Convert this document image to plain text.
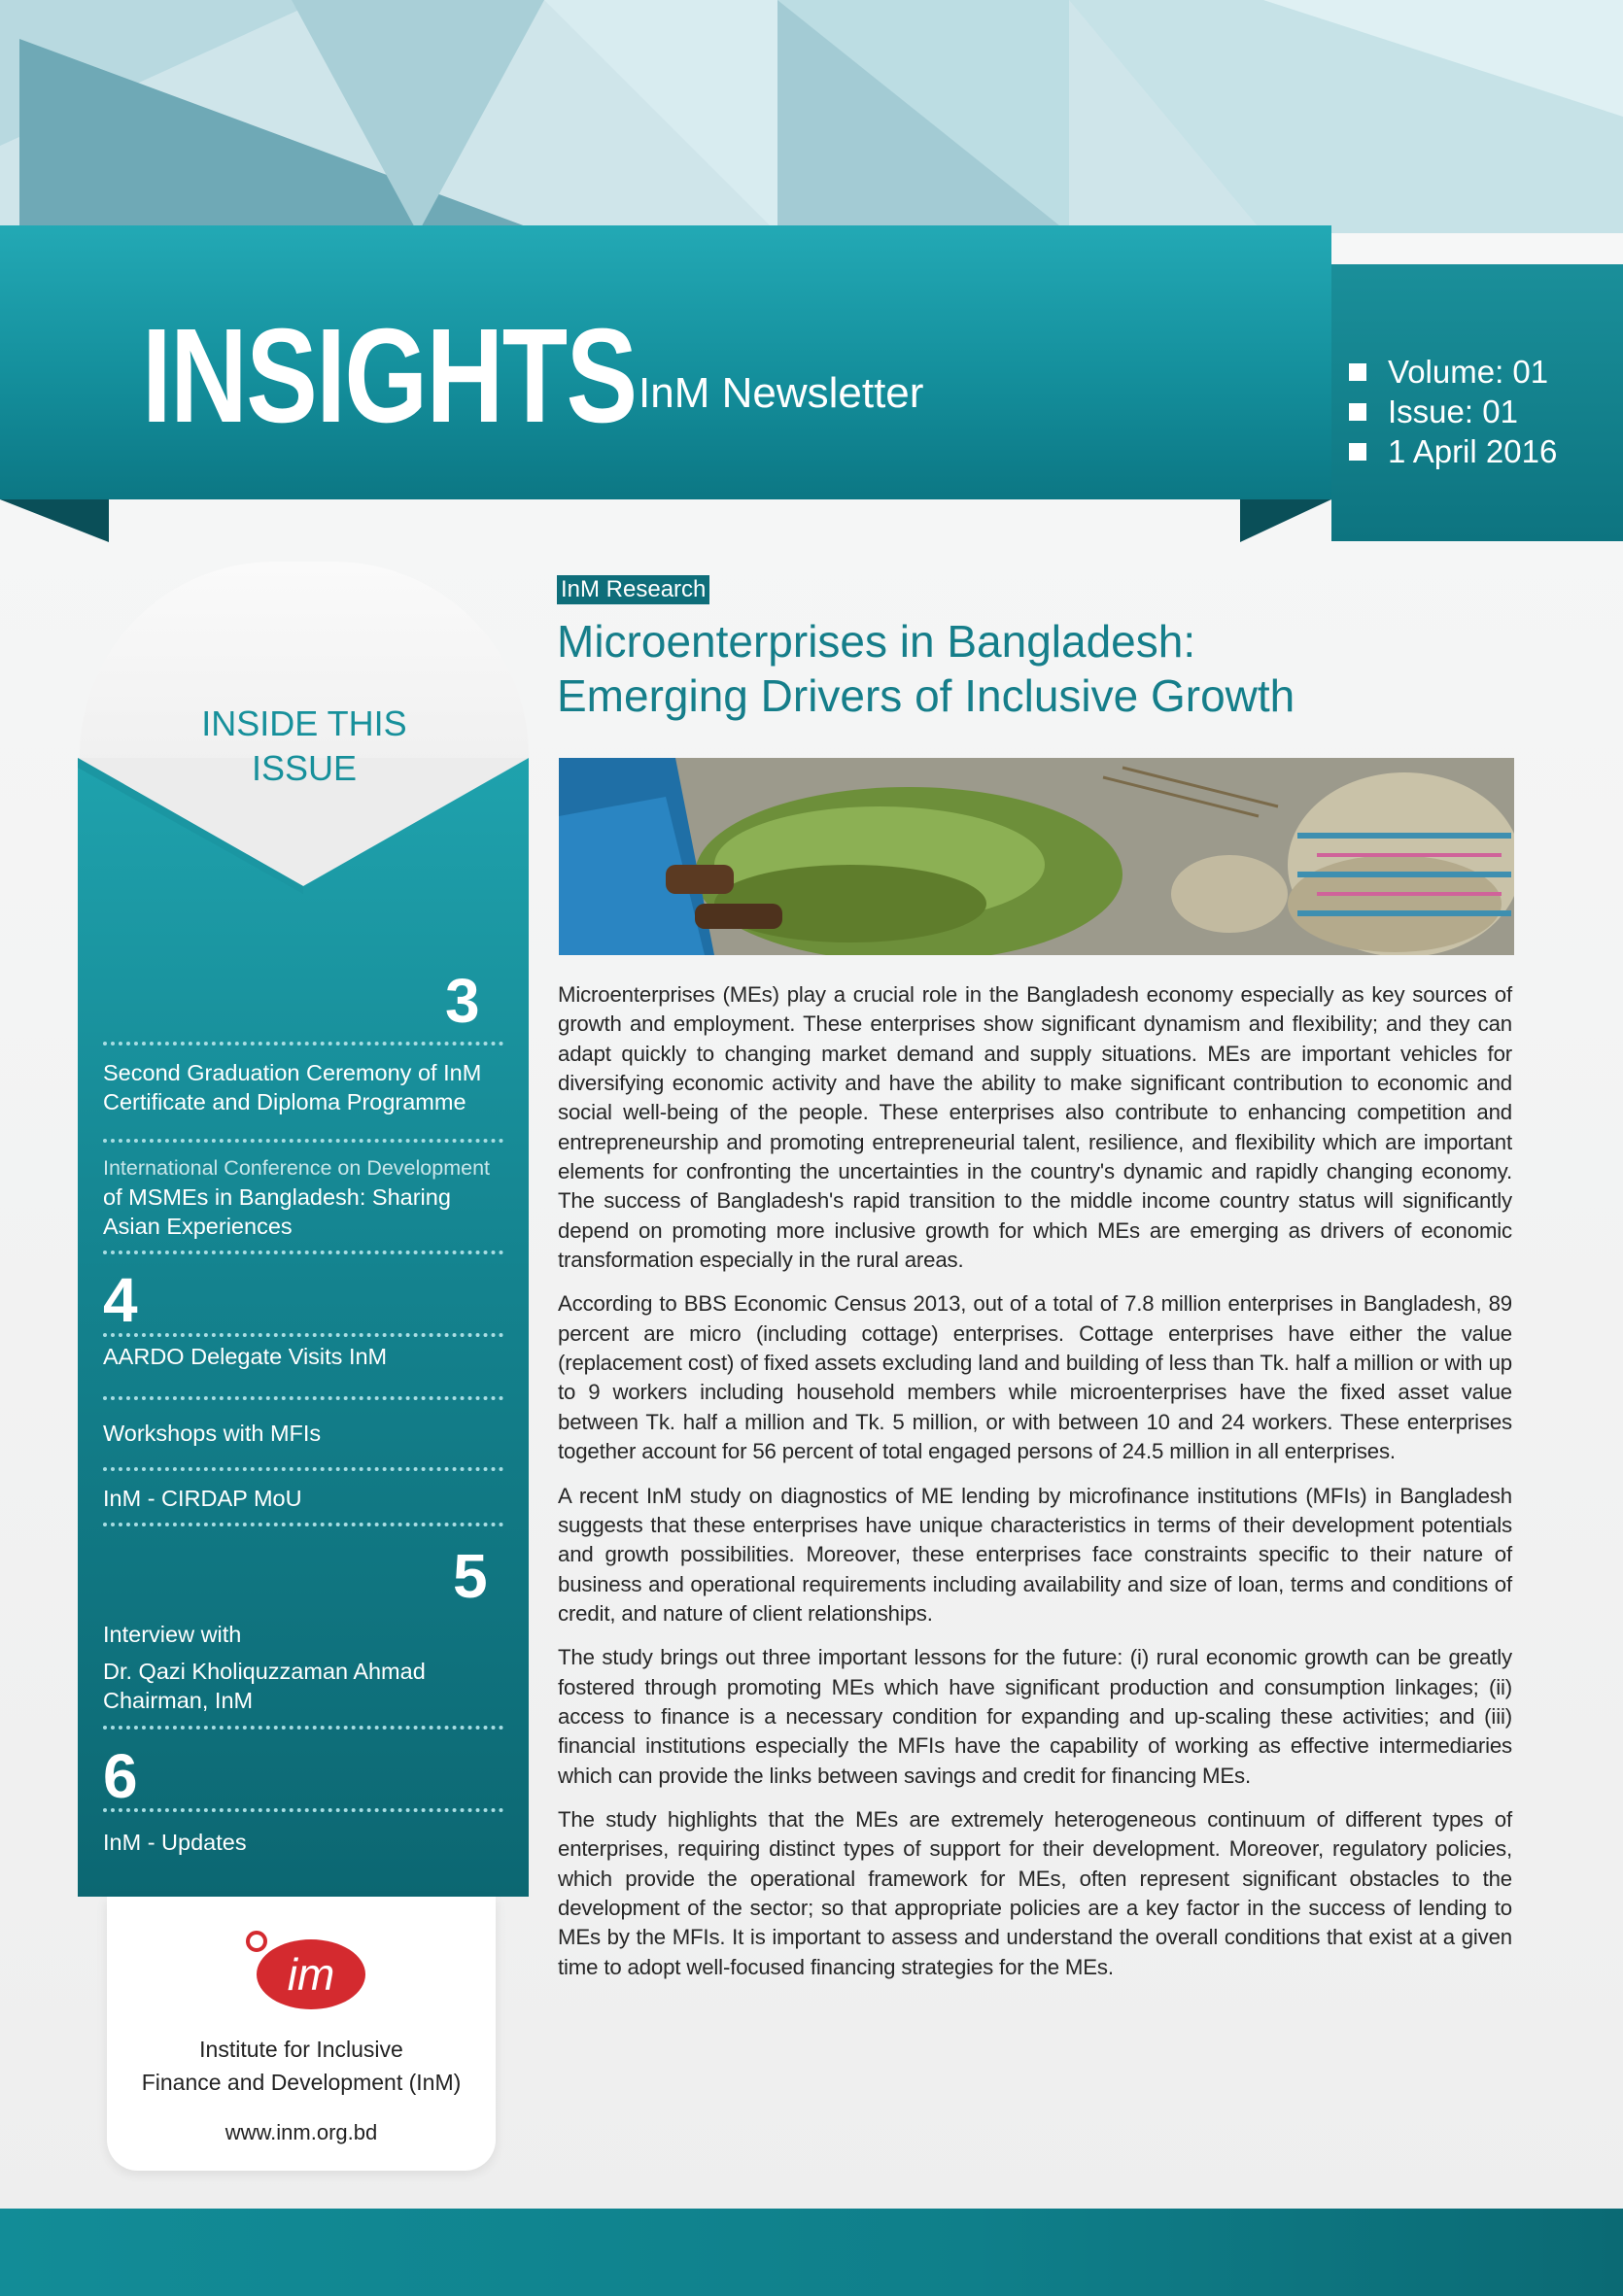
INSIGHTS InM Newsletter	Volume: 01
Issue: 01
1 April 2016
INSIDE THIS
ISSUE
3
Second Graduation Ceremony of InM Certificate and Diploma Programme
International Conference on Development
of MSMEs in Bangladesh: Sharing Asian Experiences
4
AARDO Delegate Visits InM
Workshops with MFIs
InM - CIRDAP MoU
5
Interview with
Dr. Qazi Kholiquzzaman Ahmad Chairman, InM
6
InM - Updates
im
Institute for Inclusive
Finance and Development (InM)
www.inm.org.bd
InM Research
Microenterprises in Bangladesh:
Emerging Drivers of Inclusive Growth

Microenterprises (MEs) play a crucial role in the Bangladesh economy especially as key sources of growth and employment. These enterprises show significant dynamism and flexibility; and they can adapt quickly to changing market demand and supply situations. MEs are important vehicles for diversifying economic activity and have the ability to make significant contribution to economic and social well-being of the people. These enterprises also contribute to enhancing competition and entrepreneurship and promoting entrepreneurial talent, resilience, and flexibility which are important elements for confronting the uncertainties in the country's dynamic and rapidly changing economy. The success of Bangladesh's rapid transition to the middle income country status will significantly depend on promoting more inclusive growth for which MEs are emerging as drivers of economic transformation especially in the rural areas.

According to BBS Economic Census 2013, out of a total of 7.8 million enterprises in Bangladesh, 89 percent are micro (including cottage) enterprises. Cottage enterprises have either the value (replacement cost) of fixed assets excluding land and building of less than Tk. half a million or with up to 9 workers including household members while microenterprises have the fixed asset value between Tk. half a million and Tk. 5 million, or with between 10 and 24 workers. These enterprises together account for 56 percent of total engaged persons of 24.5 million in all enterprises.

A recent InM study on diagnostics of ME lending by microfinance institutions (MFIs) in Bangladesh suggests that these enterprises have unique characteristics in terms of their development potentials and growth possibilities. Moreover, these enterprises face constraints specific to their nature of business and operational requirements including availability and size of loan, terms and conditions of credit, and nature of client relationships.

The study brings out three important lessons for the future: (i) rural economic growth can be greatly fostered through promoting MEs which have significant production and consumption linkages; (ii) access to finance is a necessary condition for expanding and up-scaling these activities; and (iii) financial institutions especially the MFIs have the capability of working as effective intermediaries which can provide the links between savings and credit for financing MEs.

The study highlights that the MEs are extremely heterogeneous continuum of different types of enterprises, requiring distinct types of support for their development. Moreover, regulatory policies, which provide the operational framework for MEs, often represent significant obstacles to the development of the sector; so that appropriate policies are a key factor in the success of lending to MEs by the MFIs. It is important to assess and understand the overall conditions that exist at a given time to adopt well-focused financing strategies for the MEs.
